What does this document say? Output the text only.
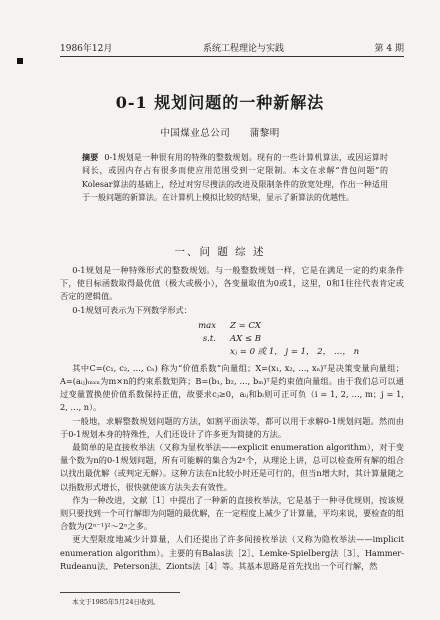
1986年12月	系统工程理论与实践	第 4 期
0-1 规划问题的一种新解法
中国煤业总公司 蒲黎明
摘要 0-1规划是一种很有用的特殊的整数规划。现有的一些计算机算法，或因运算时间长，或因内存占有很多而使应用范围受到一定限制。本文在求解“背包问题”的Kolesar算法的基础上，经过对穷尽搜法的改进及限制条件的放宽处理，作出一种适用于一般问题的新算法。在计算机上模拟比较的结果，显示了新算法的优越性。
一、问 题 综 述

0-1规划是一种特殊形式的整数规划。与一般整数规划一样，它是在满足一定的约束条件下，使目标函数取得最优值（极大或极小），各变量取值为0或1，这里，0和1往往代表肯定或否定的逻辑值。

0-1规划可表示为下列数学形式：

max	Z = CX
s.t.	AX ≤ B
xⱼ = 0 或 1， j = 1， 2， …， n

其中C=(c₁, c₂, …, cₙ) 称为“价值系数”向量组；X=(x₁, x₂, …, xₙ)ᵀ是决策变量向量组；A=(aᵢⱼ)ₘₓₙ为m×n的约束系数矩阵；B=(b₁, b₂, …, bₘ)ᵀ是约束值向量组。由于我们总可以通过变量置换使价值系数保持正值，故要求cⱼ≥0，aᵢⱼ和bᵢ则可正可负（i = 1, 2, …, m；j = 1, 2, …, n）。

一般地，求解整数规划问题的方法，如割平面法等，都可以用于求解0-1规划问题。然而由于0-1规划本身的特殊性，人们还设计了许多更为简捷的方法。

最简单的是直接枚举法（又称为显枚举法——explicit enumeration algorithm），对于变量个数为n的0-1规划问题，所有可能解的集合为2ⁿ个，从理论上讲，总可以检查所有解的组合以找出最优解（或判定无解）。这种方法在n比较小时还是可行的，但当n增大时，其计算量随之以指数形式增长，很快就使该方法失去有效性。

作为一种改进，文献［1］中提出了一种新的直接枚举法，它是基于一种寻优规则，按该规则只要找到一个可行解即为问题的最优解，在一定程度上减少了计算量，平均来说，要检查的组合数为(2ⁿ⁻¹)²～2ⁿ之多。

更大型限度地减少计算量，人们还提出了许多间接枚举法（又称为隐枚举法——implicit enumeration algorithm）。主要的有Balas法［2］、Lemke-Spielberg法［3］、Hammer-Rudeanu法、Peterson法、Zionts法［4］等。其基本思路是首先找出一个可行解，然

本文于1985年5月24日收到。
